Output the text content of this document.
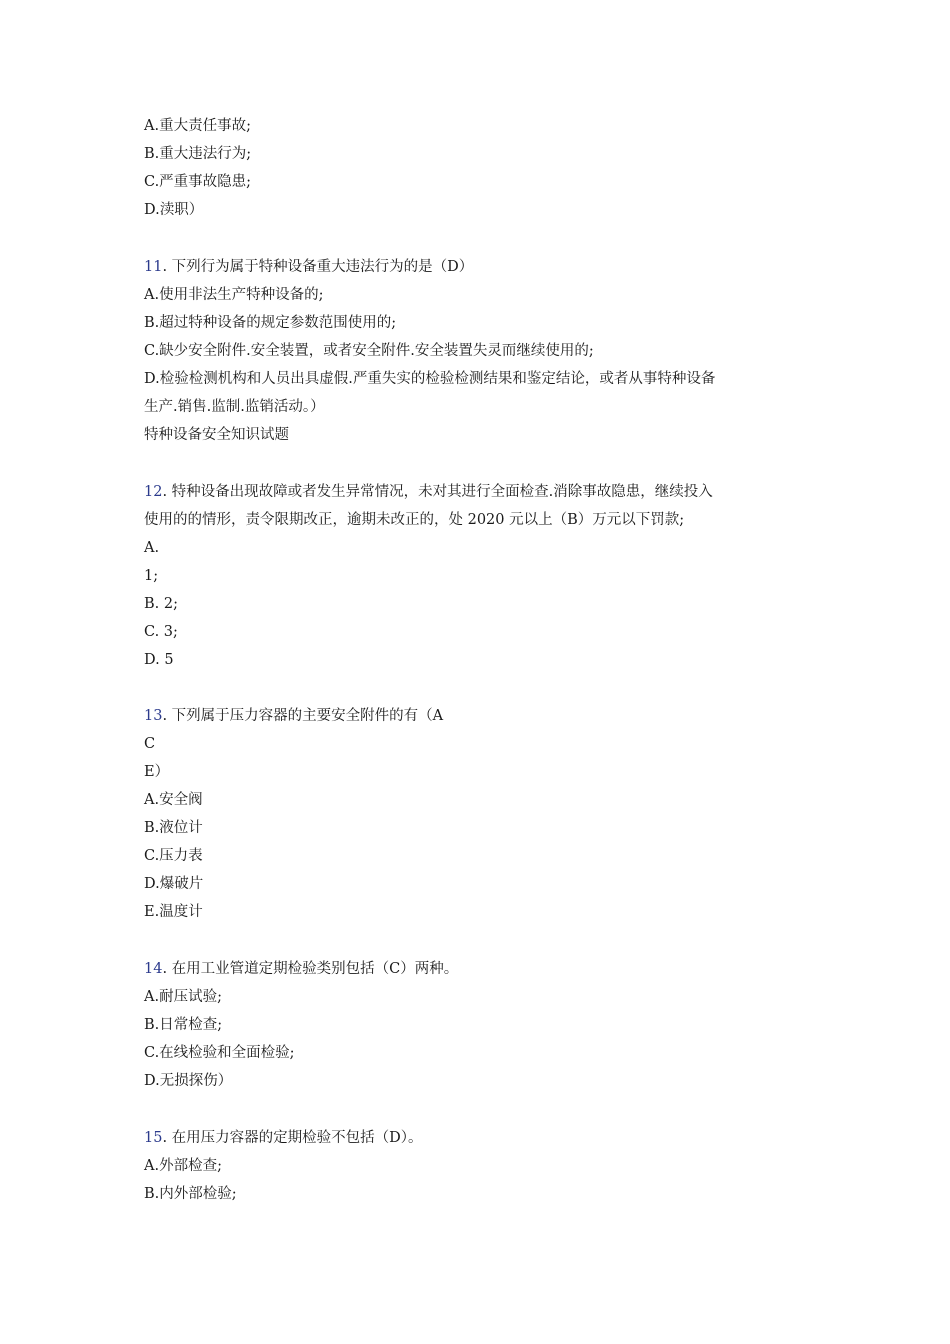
A.重大责任事故;
B.重大违法行为;
C.严重事故隐患;
D.渎职）
11. 下列行为属于特种设备重大违法行为的是（D）
A.使用非法生产特种设备的;
B.超过特种设备的规定参数范围使用的;
C.缺少安全附件.安全装置，或者安全附件.安全装置失灵而继续使用的;
D.检验检测机构和人员出具虚假.严重失实的检验检测结果和鉴定结论，或者从事特种设备
生产.销售.监制.监销活动。）
特种设备安全知识试题
12. 特种设备出现故障或者发生异常情况，未对其进行全面检查.消除事故隐患，继续投入
使用的的情形，责令限期改正，逾期未改正的，处 2020 元以上（B）万元以下罚款;
A.
1;
B. 2;
C. 3;
D. 5
13. 下列属于压力容器的主要安全附件的有（A
C
E）
A.安全阀
B.液位计
C.压力表
D.爆破片
E.温度计
14. 在用工业管道定期检验类别包括（C）两种。
A.耐压试验;
B.日常检查;
C.在线检验和全面检验;
D.无损探伤）
15. 在用压力容器的定期检验不包括（D）。
A.外部检查;
B.内外部检验;
